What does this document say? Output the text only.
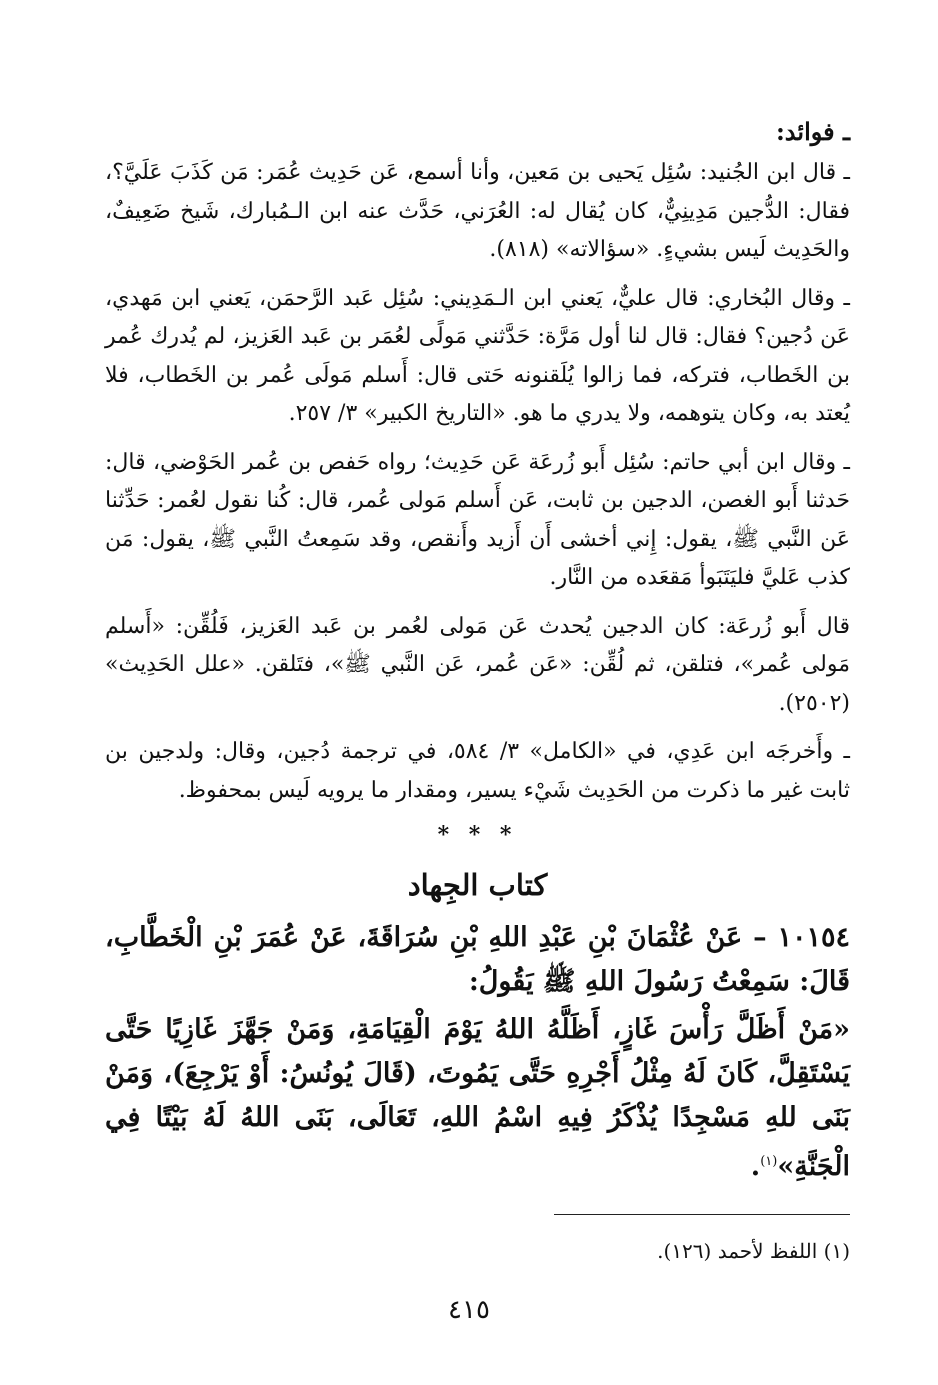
ـ فوائد:

ـ قال ابن الجُنيد: سُئِل يَحيى بن مَعين، وأنا أسمع، عَن حَدِيث عُمَر: مَن كَذَبَ عَلَيَّ؟، فقال: الدُّجين مَدِينِيٌّ، كان يُقال له: العُرَني، حَدَّث عنه ابن الـمُبارك، شَيخ ضَعِيفٌ، والحَدِيث لَيس بشيءٍ. «سؤالاته» (٨١٨).

ـ وقال البُخاري: قال عليٌّ، يَعني ابن الـمَدِيني: سُئِل عَبد الرَّحمَن، يَعني ابن مَهدي، عَن دُجين؟ فقال: قال لنا أول مَرَّة: حَدَّثني مَولًى لعُمَر بن عَبد العَزيز، لم يُدرك عُمر بن الخَطاب، فتركه، فما زالوا يُلَقنونه حَتى قال: أَسلم مَولَى عُمر بن الخَطاب، فلا يُعتد به، وكان يتوهمه، ولا يدري ما هو. «التاريخ الكبير» ٣/ ٢٥٧.

ـ وقال ابن أبي حاتم: سُئِل أَبو زُرعَة عَن حَدِيث؛ رواه حَفص بن عُمر الحَوْضي، قال: حَدثنا أَبو الغصن، الدجين بن ثابت، عَن أَسلم مَولى عُمر، قال: كُنا نقول لعُمر: حَدِّثنا عَن النَّبي ﷺ، يقول: إِني أخشى أَن أَزيد وأَنقص، وقد سَمِعتُ النَّبي ﷺ، يقول: مَن كذب عَليَّ فليَتَبَوأ مَقعَده من النَّار.

قال أَبو زُرعَة: كان الدجين يُحدث عَن مَولى لعُمر بن عَبد العَزيز، فَلُقِّن: «أَسلم مَولى عُمر»، فتلقن، ثم لُقِّن: «عَن عُمر، عَن النَّبي ﷺ»، فتَلقن. «علل الحَدِيث» (٢٥٠٢).

ـ وأَخرجَه ابن عَدِي، في «الكامل» ٣/ ٥٨٤، في ترجمة دُجين، وقال: ولدجين بن ثابت غير ما ذكرت من الحَدِيث شَيْء يسير، ومقدار ما يرويه لَيس بمحفوظ.

* * *
كتاب الجِهاد

١٠١٥٤ – عَنْ عُثْمَانَ بْنِ عَبْدِ اللهِ بْنِ سُرَاقَةَ، عَنْ عُمَرَ بْنِ الْخَطَّابِ، قَالَ: سَمِعْتُ رَسُولَ اللهِ ﷺ يَقُولُ:

«مَنْ أَظَلَّ رَأْسَ غَازٍ، أَظَلَّهُ اللهُ يَوْمَ الْقِيَامَةِ، وَمَنْ جَهَّزَ غَازِيًا حَتَّى يَسْتَقِلَّ، كَانَ لَهُ مِثْلُ أَجْرِهِ حَتَّى يَمُوتَ، (قَالَ يُونُسُ: أَوْ يَرْجِعَ)، وَمَنْ بَنَى للهِ مَسْجِدًا يُذْكَرُ فِيهِ اسْمُ اللهِ، تَعَالَى، بَنَى اللهُ لَهُ بَيْتًا فِي الْجَنَّةِ»$^{(١)}$.

(١) اللفظ لأحمد (١٢٦).
٤١٥
